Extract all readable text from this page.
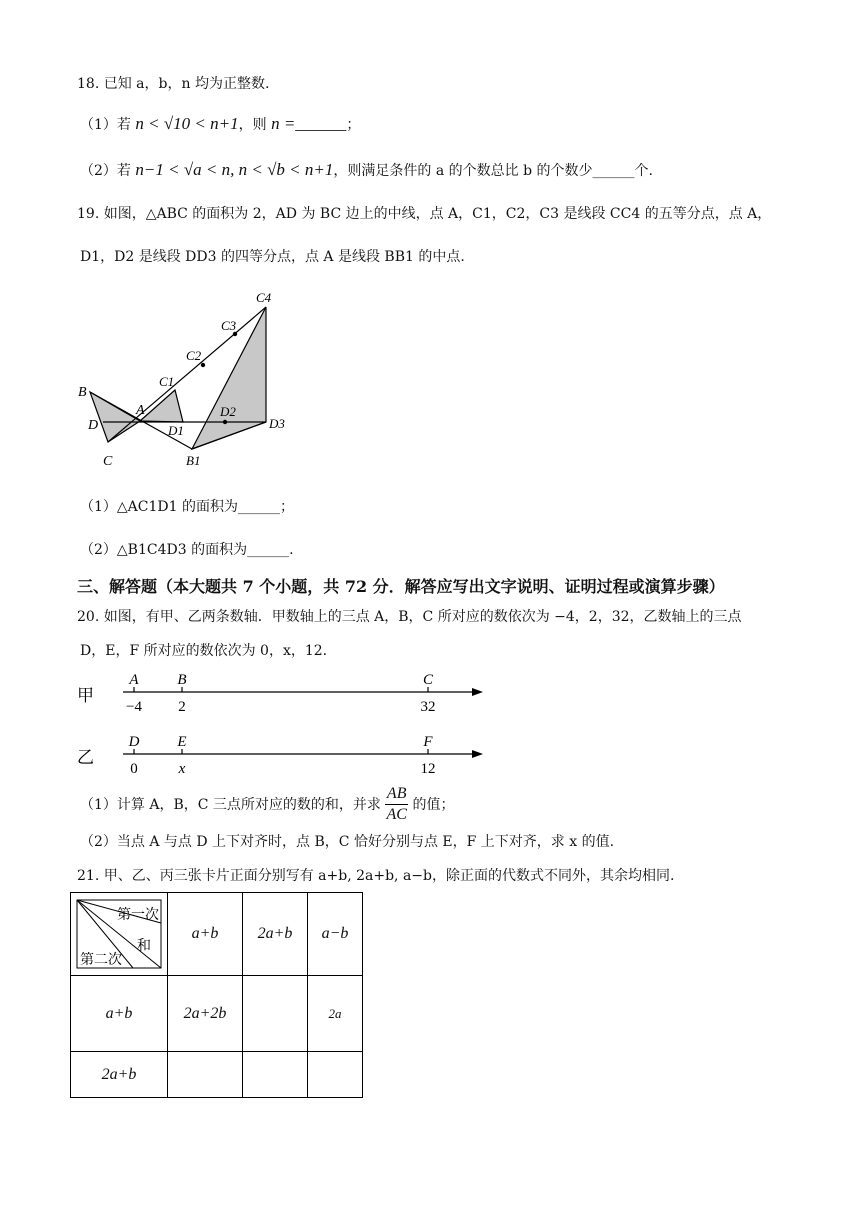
18. 已知 a，b，n 均为正整数.
（1）若 n < √10 < n+1，则 n =______；
（2）若 n−1 < √a < n, n < √b < n+1，则满足条件的 a 的个数总比 b 的个数少______个.
19. 如图，△ABC 的面积为 2，AD 为 BC 边上的中线，点 A，C1，C2，C3 是线段 CC4 的五等分点，点 A，
D1，D2 是线段 DD3 的四等分点，点 A 是线段 BB1 的中点.
B
D
C
A
C1
C2
C3
C4
D1
D2
D3
B1
（1）△AC1D1 的面积为______；
（2）△B1C4D3 的面积为______.
三、解答题（本大题共 7 个小题，共 72 分．解答应写出文字说明、证明过程或演算步骤）
20. 如图，有甲、乙两条数轴．甲数轴上的三点 A，B，C 所对应的数依次为 −4，2，32，乙数轴上的三点
D，E，F 所对应的数依次为 0，x，12.
甲
A	B	C
−4 2	32
乙
D	E	F
0	x	12
（1）计算 A，B，C 三点所对应的数的和，并求 $\frac{AB}{AC}$ 的值；
（2）当点 A 与点 D 上下对齐时，点 B，C 恰好分别与点 E，F 上下对齐，求 x 的值.
21. 甲、乙、丙三张卡片正面分别写有 a+b, 2a+b, a−b，除正面的代数式不同外，其余均相同.
第一次
和
第二次	a+b	2a+b	a−b
a+b	2a+2b		2a
2a+b			
